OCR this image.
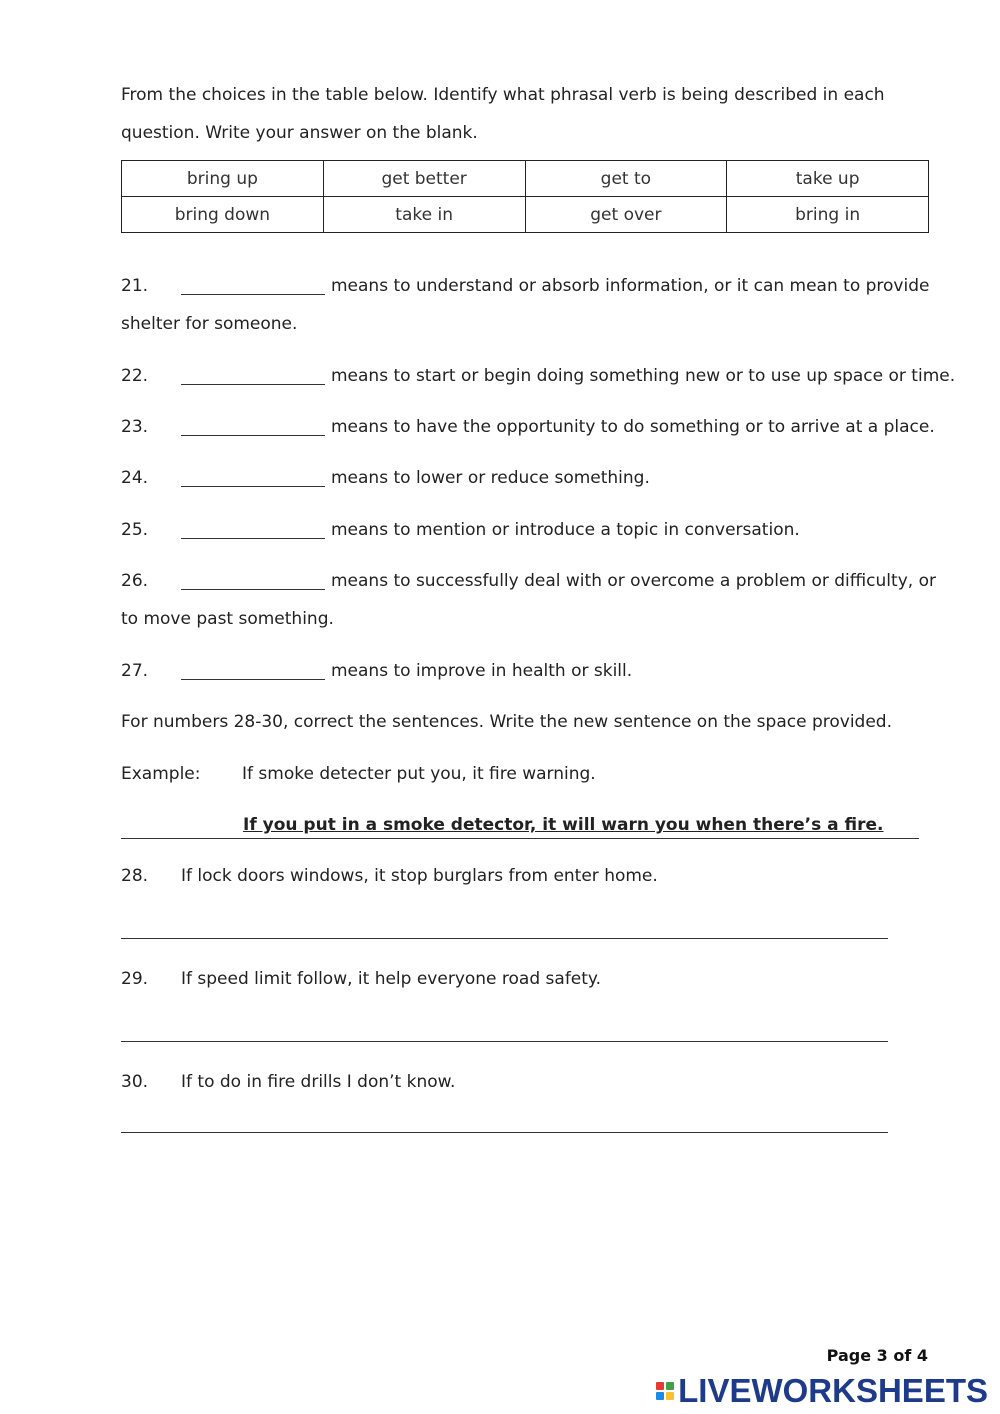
From the choices in the table below. Identify what phrasal verb is being described in each question. Write your answer on the blank.
bring up	get better	get to	take up
bring down	take in	get over	bring in
21.	means to understand or absorb information, or it can mean to provide
shelter for someone.
22.	means to start or begin doing something new or to use up space or time.
23.	means to have the opportunity to do something or to arrive at a place.
24.	means to lower or reduce something.
25.	means to mention or introduce a topic in conversation.
26.	means to successfully deal with or overcome a problem or difficulty, or
to move past something.
27.	means to improve in health or skill.
For numbers 28-30, correct the sentences. Write the new sentence on the space provided.
Example: If smoke detecter put you, it fire warning.
If you put in a smoke detector, it will warn you when there’s a fire.
28. If lock doors windows, it stop burglars from enter home.
29. If speed limit follow, it help everyone road safety.
30. If to do in fire drills I don’t know.
Page 3 of 4
LIVEWORKSHEETS
